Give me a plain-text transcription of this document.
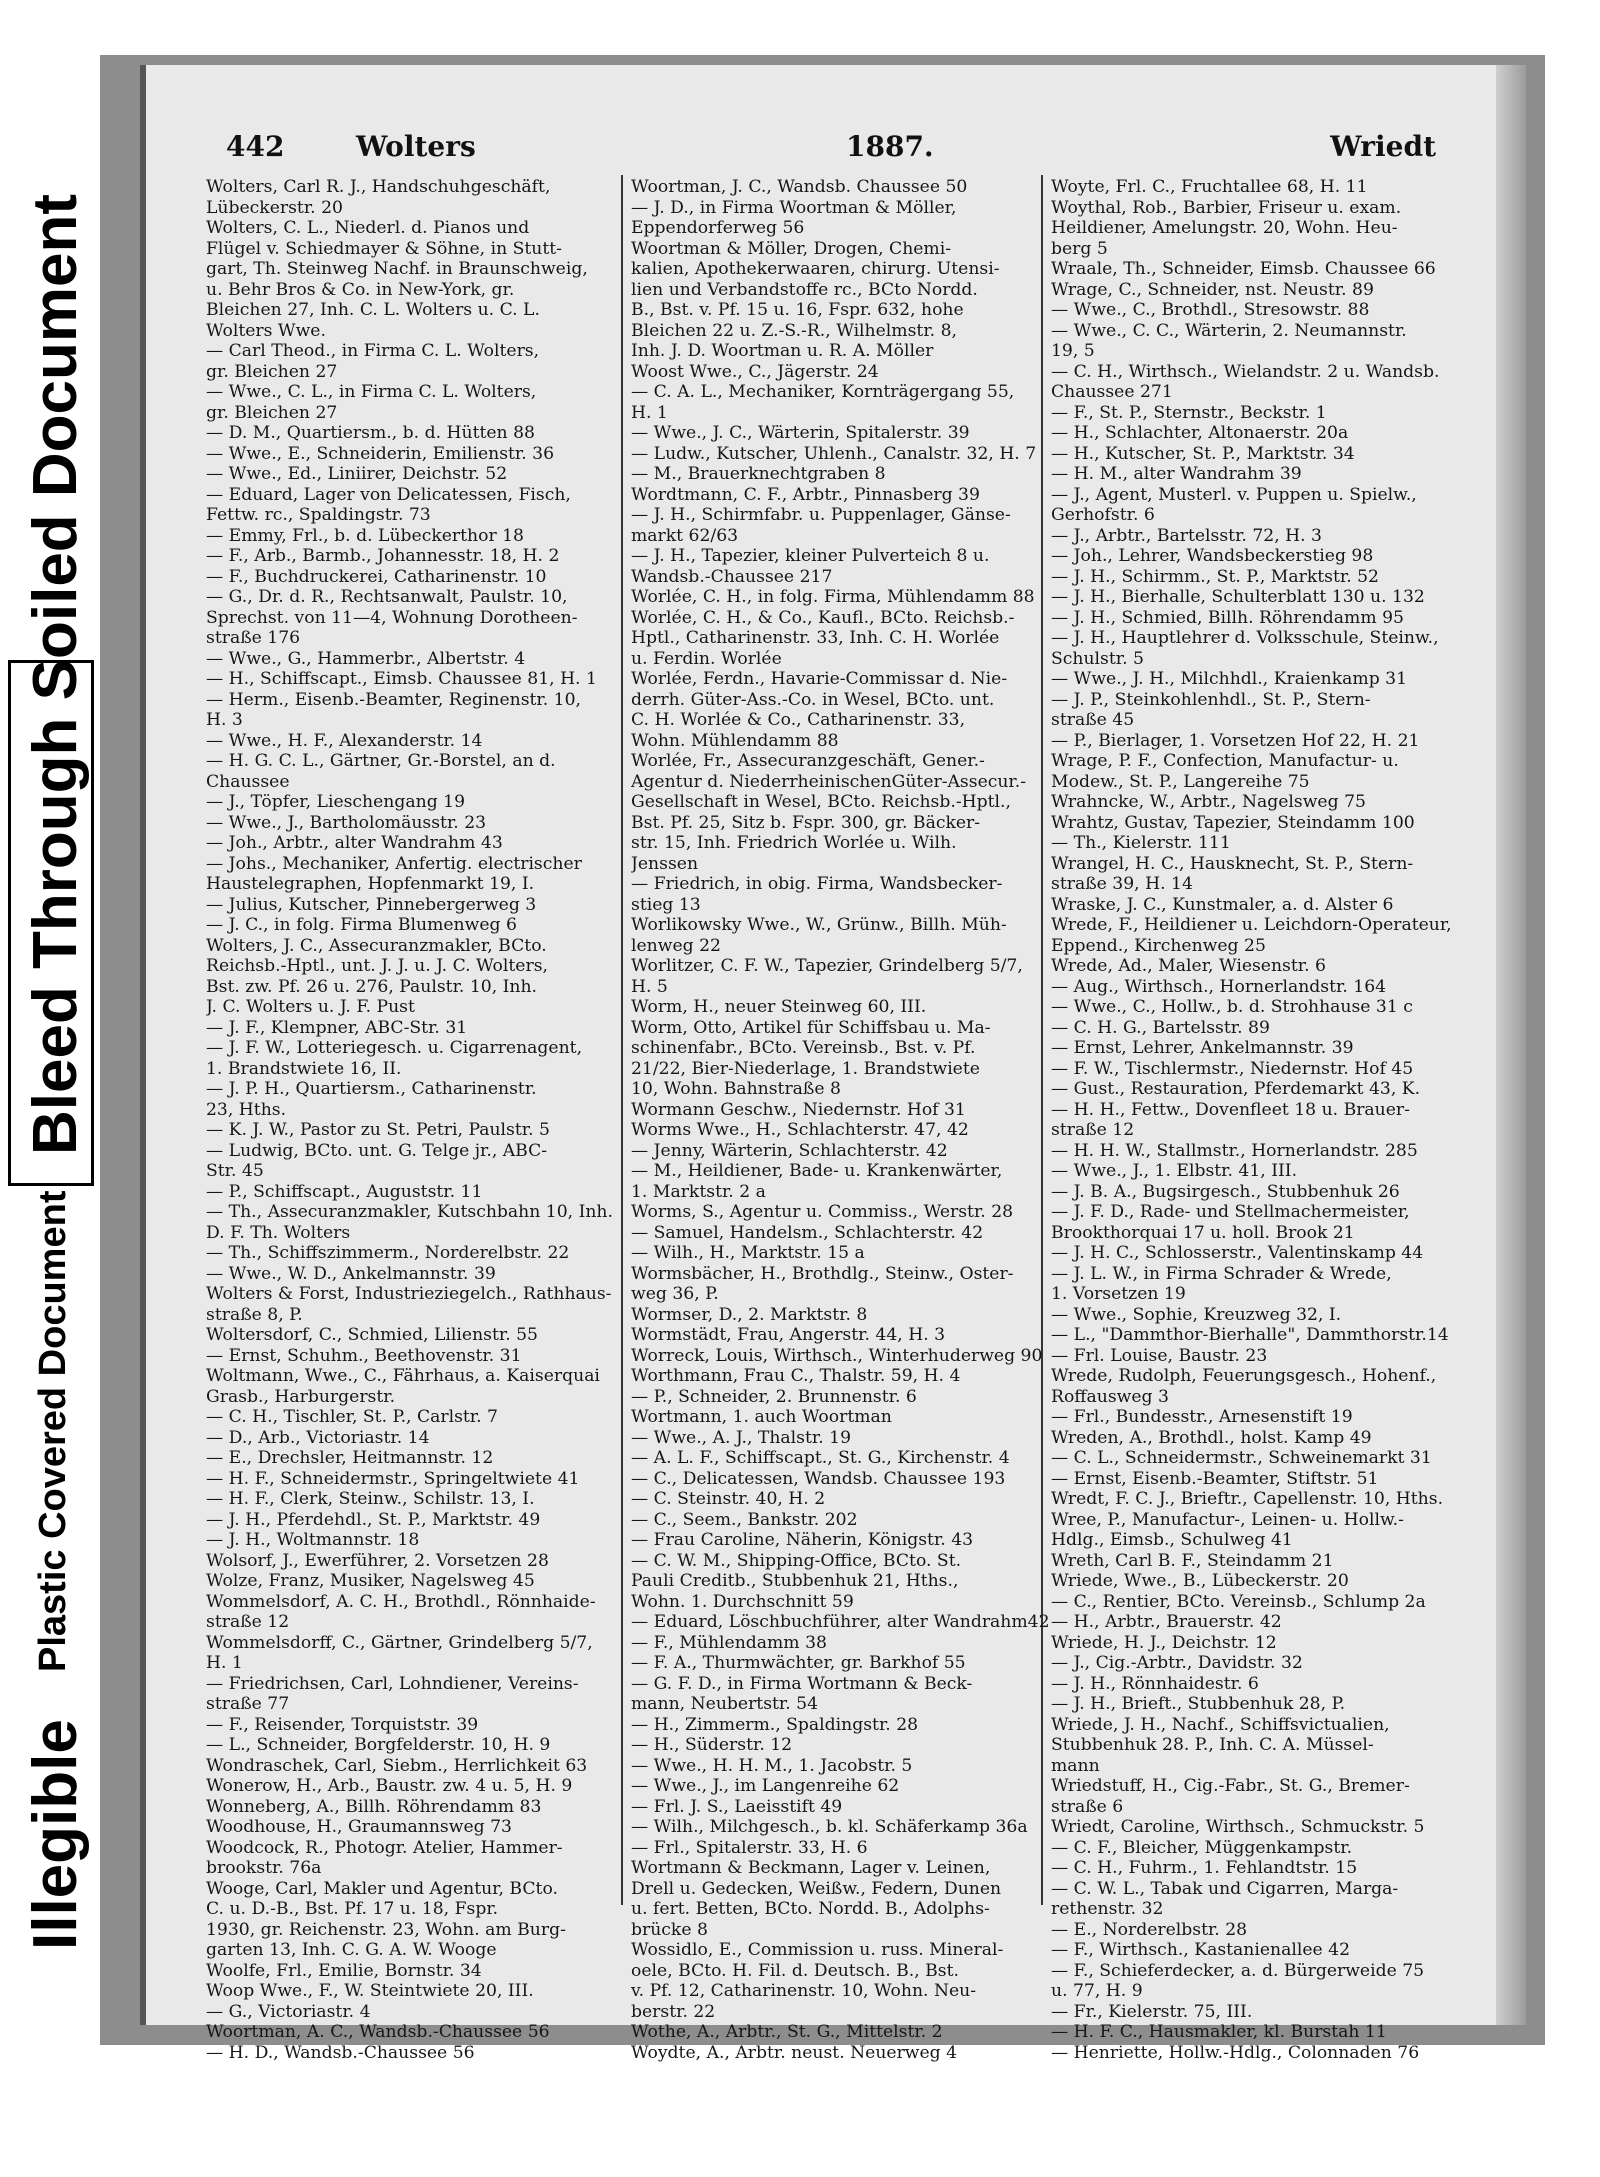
Illegible
Plastic Covered Document
Bleed Through Soiled Document
442	Wolters	1887.	Wriedt
Wolters, Carl R. J., Handschuhgeschäft,
Lübeckerstr. 20
Wolters, C. L., Niederl. d. Pianos und
Flügel v. Schiedmayer & Söhne, in Stutt-
gart, Th. Steinweg Nachf. in Braunschweig,
u. Behr Bros & Co. in New-York, gr.
Bleichen 27, Inh. C. L. Wolters u. C. L.
Wolters Wwe.
— Carl Theod., in Firma C. L. Wolters,
gr. Bleichen 27
— Wwe., C. L., in Firma C. L. Wolters,
gr. Bleichen 27
— D. M., Quartiersm., b. d. Hütten 88
— Wwe., E., Schneiderin, Emilienstr. 36
— Wwe., Ed., Liniirer, Deichstr. 52
— Eduard, Lager von Delicatessen, Fisch,
Fettw. rc., Spaldingstr. 73
— Emmy, Frl., b. d. Lübeckerthor 18
— F., Arb., Barmb., Johannesstr. 18, H. 2
— F., Buchdruckerei, Catharinenstr. 10
— G., Dr. d. R., Rechtsanwalt, Paulstr. 10,
Sprechst. von 11—4, Wohnung Dorotheen-
straße 176
— Wwe., G., Hammerbr., Albertstr. 4
— H., Schiffscapt., Eimsb. Chaussee 81, H. 1
— Herm., Eisenb.-Beamter, Reginenstr. 10,
H. 3
— Wwe., H. F., Alexanderstr. 14
— H. G. C. L., Gärtner, Gr.-Borstel, an d.
Chaussee
— J., Töpfer, Lieschengang 19
— Wwe., J., Bartholomäusstr. 23
— Joh., Arbtr., alter Wandrahm 43
— Johs., Mechaniker, Anfertig. electrischer
Haustelegraphen, Hopfenmarkt 19, I.
— Julius, Kutscher, Pinnebergerweg 3
— J. C., in folg. Firma Blumenweg 6
Wolters, J. C., Assecuranzmakler, BCto.
Reichsb.-Hptl., unt. J. J. u. J. C. Wolters,
Bst. zw. Pf. 26 u. 276, Paulstr. 10, Inh.
J. C. Wolters u. J. F. Pust
— J. F., Klempner, ABC-Str. 31
— J. F. W., Lotteriegesch. u. Cigarrenagent,
1. Brandstwiete 16, II.
— J. P. H., Quartiersm., Catharinenstr.
23, Hths.
— K. J. W., Pastor zu St. Petri, Paulstr. 5
— Ludwig, BCto. unt. G. Telge jr., ABC-
Str. 45
— P., Schiffscapt., Auguststr. 11
— Th., Assecuranzmakler, Kutschbahn 10, Inh.
D. F. Th. Wolters
— Th., Schiffszimmerm., Norderelbstr. 22
— Wwe., W. D., Ankelmannstr. 39
Wolters & Forst, Industrieziegelch., Rathhaus-
straße 8, P.
Woltersdorf, C., Schmied, Lilienstr. 55
— Ernst, Schuhm., Beethovenstr. 31
Woltmann, Wwe., C., Fährhaus, a. Kaiserquai
Grasb., Harburgerstr.
— C. H., Tischler, St. P., Carlstr. 7
— D., Arb., Victoriastr. 14
— E., Drechsler, Heitmannstr. 12
— H. F., Schneidermstr., Springeltwiete 41
— H. F., Clerk, Steinw., Schilstr. 13, I.
— J. H., Pferdehdl., St. P., Marktstr. 49
— J. H., Woltmannstr. 18
Wolsorf, J., Ewerführer, 2. Vorsetzen 28
Wolze, Franz, Musiker, Nagelsweg 45
Wommelsdorf, A. C. H., Brothdl., Rönnhaide-
straße 12
Wommelsdorff, C., Gärtner, Grindelberg 5/7,
H. 1
— Friedrichsen, Carl, Lohndiener, Vereins-
straße 77
— F., Reisender, Torquiststr. 39
— L., Schneider, Borgfelderstr. 10, H. 9
Wondraschek, Carl, Siebm., Herrlichkeit 63
Wonerow, H., Arb., Baustr. zw. 4 u. 5, H. 9
Wonneberg, A., Billh. Röhrendamm 83
Woodhouse, H., Graumannsweg 73
Woodcock, R., Photogr. Atelier, Hammer-
brookstr. 76a
Wooge, Carl, Makler und Agentur, BCto.
C. u. D.-B., Bst. Pf. 17 u. 18, Fspr.
1930, gr. Reichenstr. 23, Wohn. am Burg-
garten 13, Inh. C. G. A. W. Wooge
Woolfe, Frl., Emilie, Bornstr. 34
Woop Wwe., F., W. Steintwiete 20, III.
— G., Victoriastr. 4
Woortman, A. C., Wandsb.-Chaussee 56
— H. D., Wandsb.-Chaussee 56
Woortman, J. C., Wandsb. Chaussee 50
— J. D., in Firma Woortman & Möller,
Eppendorferweg 56
Woortman & Möller, Drogen, Chemi-
kalien, Apothekerwaaren, chirurg. Utensi-
lien und Verbandstoffe rc., BCto Nordd.
B., Bst. v. Pf. 15 u. 16, Fspr. 632, hohe
Bleichen 22 u. Z.-S.-R., Wilhelmstr. 8,
Inh. J. D. Woortman u. R. A. Möller
Woost Wwe., C., Jägerstr. 24
— C. A. L., Mechaniker, Kornträgergang 55,
H. 1
— Wwe., J. C., Wärterin, Spitalerstr. 39
— Ludw., Kutscher, Uhlenh., Canalstr. 32, H. 7
— M., Brauerknechtgraben 8
Wordtmann, C. F., Arbtr., Pinnasberg 39
— J. H., Schirmfabr. u. Puppenlager, Gänse-
markt 62/63
— J. H., Tapezier, kleiner Pulverteich 8 u.
Wandsb.-Chaussee 217
Worlée, C. H., in folg. Firma, Mühlendamm 88
Worlée, C. H., & Co., Kaufl., BCto. Reichsb.-
Hptl., Catharinenstr. 33, Inh. C. H. Worlée
u. Ferdin. Worlée
Worlée, Ferdn., Havarie-Commissar d. Nie-
derrh. Güter-Ass.-Co. in Wesel, BCto. unt.
C. H. Worlée & Co., Catharinenstr. 33,
Wohn. Mühlendamm 88
Worlée, Fr., Assecuranzgeschäft, Gener.-
Agentur d. NiederrheinischenGüter-Assecur.-
Gesellschaft in Wesel, BCto. Reichsb.-Hptl.,
Bst. Pf. 25, Sitz b. Fspr. 300, gr. Bäcker-
str. 15, Inh. Friedrich Worlée u. Wilh.
Jenssen
— Friedrich, in obig. Firma, Wandsbecker-
stieg 13
Worlikowsky Wwe., W., Grünw., Billh. Müh-
lenweg 22
Worlitzer, C. F. W., Tapezier, Grindelberg 5/7,
H. 5
Worm, H., neuer Steinweg 60, III.
Worm, Otto, Artikel für Schiffsbau u. Ma-
schinenfabr., BCto. Vereinsb., Bst. v. Pf.
21/22, Bier-Niederlage, 1. Brandstwiete
10, Wohn. Bahnstraße 8
Wormann Geschw., Niedernstr. Hof 31
Worms Wwe., H., Schlachterstr. 47, 42
— Jenny, Wärterin, Schlachterstr. 42
— M., Heildiener, Bade- u. Krankenwärter,
1. Marktstr. 2 a
Worms, S., Agentur u. Commiss., Werstr. 28
— Samuel, Handelsm., Schlachterstr. 42
— Wilh., H., Marktstr. 15 a
Wormsbächer, H., Brothdlg., Steinw., Oster-
weg 36, P.
Wormser, D., 2. Marktstr. 8
Wormstädt, Frau, Angerstr. 44, H. 3
Worreck, Louis, Wirthsch., Winterhuderweg 90
Worthmann, Frau C., Thalstr. 59, H. 4
— P., Schneider, 2. Brunnenstr. 6
Wortmann, 1. auch Woortman
— Wwe., A. J., Thalstr. 19
— A. L. F., Schiffscapt., St. G., Kirchenstr. 4
— C., Delicatessen, Wandsb. Chaussee 193
— C. Steinstr. 40, H. 2
— C., Seem., Bankstr. 202
— Frau Caroline, Näherin, Königstr. 43
— C. W. M., Shipping-Office, BCto. St.
Pauli Creditb., Stubbenhuk 21, Hths.,
Wohn. 1. Durchschnitt 59
— Eduard, Löschbuchführer, alter Wandrahm42
— F., Mühlendamm 38
— F. A., Thurmwächter, gr. Barkhof 55
— G. F. D., in Firma Wortmann & Beck-
mann, Neubertstr. 54
— H., Zimmerm., Spaldingstr. 28
— H., Süderstr. 12
— Wwe., H. H. M., 1. Jacobstr. 5
— Wwe., J., im Langenreihe 62
— Frl. J. S., Laeisstift 49
— Wilh., Milchgesch., b. kl. Schäferkamp 36a
— Frl., Spitalerstr. 33, H. 6
Wortmann & Beckmann, Lager v. Leinen,
Drell u. Gedecken, Weißw., Federn, Dunen
u. fert. Betten, BCto. Nordd. B., Adolphs-
brücke 8
Wossidlo, E., Commission u. russ. Mineral-
oele, BCto. H. Fil. d. Deutsch. B., Bst.
v. Pf. 12, Catharinenstr. 10, Wohn. Neu-
berstr. 22
Wothe, A., Arbtr., St. G., Mittelstr. 2
Woydte, A., Arbtr. neust. Neuerweg 4
Woyte, Frl. C., Fruchtallee 68, H. 11
Woythal, Rob., Barbier, Friseur u. exam.
Heildiener, Amelungstr. 20, Wohn. Heu-
berg 5
Wraale, Th., Schneider, Eimsb. Chaussee 66
Wrage, C., Schneider, nst. Neustr. 89
— Wwe., C., Brothdl., Stresowstr. 88
— Wwe., C. C., Wärterin, 2. Neumannstr.
19, 5
— C. H., Wirthsch., Wielandstr. 2 u. Wandsb.
Chaussee 271
— F., St. P., Sternstr., Beckstr. 1
— H., Schlachter, Altonaerstr. 20a
— H., Kutscher, St. P., Marktstr. 34
— H. M., alter Wandrahm 39
— J., Agent, Musterl. v. Puppen u. Spielw.,
Gerhofstr. 6
— J., Arbtr., Bartelsstr. 72, H. 3
— Joh., Lehrer, Wandsbeckerstieg 98
— J. H., Schirmm., St. P., Marktstr. 52
— J. H., Bierhalle, Schulterblatt 130 u. 132
— J. H., Schmied, Billh. Röhrendamm 95
— J. H., Hauptlehrer d. Volksschule, Steinw.,
Schulstr. 5
— Wwe., J. H., Milchhdl., Kraienkamp 31
— J. P., Steinkohlenhdl., St. P., Stern-
straße 45
— P., Bierlager, 1. Vorsetzen Hof 22, H. 21
Wrage, P. F., Confection, Manufactur- u.
Modew., St. P., Langereihe 75
Wrahncke, W., Arbtr., Nagelsweg 75
Wrahtz, Gustav, Tapezier, Steindamm 100
— Th., Kielerstr. 111
Wrangel, H. C., Hausknecht, St. P., Stern-
straße 39, H. 14
Wraske, J. C., Kunstmaler, a. d. Alster 6
Wrede, F., Heildiener u. Leichdorn-Operateur,
Eppend., Kirchenweg 25
Wrede, Ad., Maler, Wiesenstr. 6
— Aug., Wirthsch., Hornerlandstr. 164
— Wwe., C., Hollw., b. d. Strohhause 31 c
— C. H. G., Bartelsstr. 89
— Ernst, Lehrer, Ankelmannstr. 39
— F. W., Tischlermstr., Niedernstr. Hof 45
— Gust., Restauration, Pferdemarkt 43, K.
— H. H., Fettw., Dovenfleet 18 u. Brauer-
straße 12
— H. H. W., Stallmstr., Hornerlandstr. 285
— Wwe., J., 1. Elbstr. 41, III.
— J. B. A., Bugsirgesch., Stubbenhuk 26
— J. F. D., Rade- und Stellmachermeister,
Brookthorquai 17 u. holl. Brook 21
— J. H. C., Schlosserstr., Valentinskamp 44
— J. L. W., in Firma Schrader & Wrede,
1. Vorsetzen 19
— Wwe., Sophie, Kreuzweg 32, I.
— L., "Dammthor-Bierhalle", Dammthorstr.14
— Frl. Louise, Baustr. 23
Wrede, Rudolph, Feuerungsgesch., Hohenf.,
Roffausweg 3
— Frl., Bundesstr., Arnesenstift 19
Wreden, A., Brothdl., holst. Kamp 49
— C. L., Schneidermstr., Schweinemarkt 31
— Ernst, Eisenb.-Beamter, Stiftstr. 51
Wredt, F. C. J., Brieftr., Capellenstr. 10, Hths.
Wree, P., Manufactur-, Leinen- u. Hollw.-
Hdlg., Eimsb., Schulweg 41
Wreth, Carl B. F., Steindamm 21
Wriede, Wwe., B., Lübeckerstr. 20
— C., Rentier, BCto. Vereinsb., Schlump 2a
— H., Arbtr., Brauerstr. 42
Wriede, H. J., Deichstr. 12
— J., Cig.-Arbtr., Davidstr. 32
— J. H., Rönnhaidestr. 6
— J. H., Brieft., Stubbenhuk 28, P.
Wriede, J. H., Nachf., Schiffsvictualien,
Stubbenhuk 28. P., Inh. C. A. Müssel-
mann
Wriedstuff, H., Cig.-Fabr., St. G., Bremer-
straße 6
Wriedt, Caroline, Wirthsch., Schmuckstr. 5
— C. F., Bleicher, Müggenkampstr.
— C. H., Fuhrm., 1. Fehlandtstr. 15
— C. W. L., Tabak und Cigarren, Marga-
rethenstr. 32
— E., Norderelbstr. 28
— F., Wirthsch., Kastanienallee 42
— F., Schieferdecker, a. d. Bürgerweide 75
u. 77, H. 9
— Fr., Kielerstr. 75, III.
— H. F. C., Hausmakler, kl. Burstah 11
— Henriette, Hollw.-Hdlg., Colonnaden 76
